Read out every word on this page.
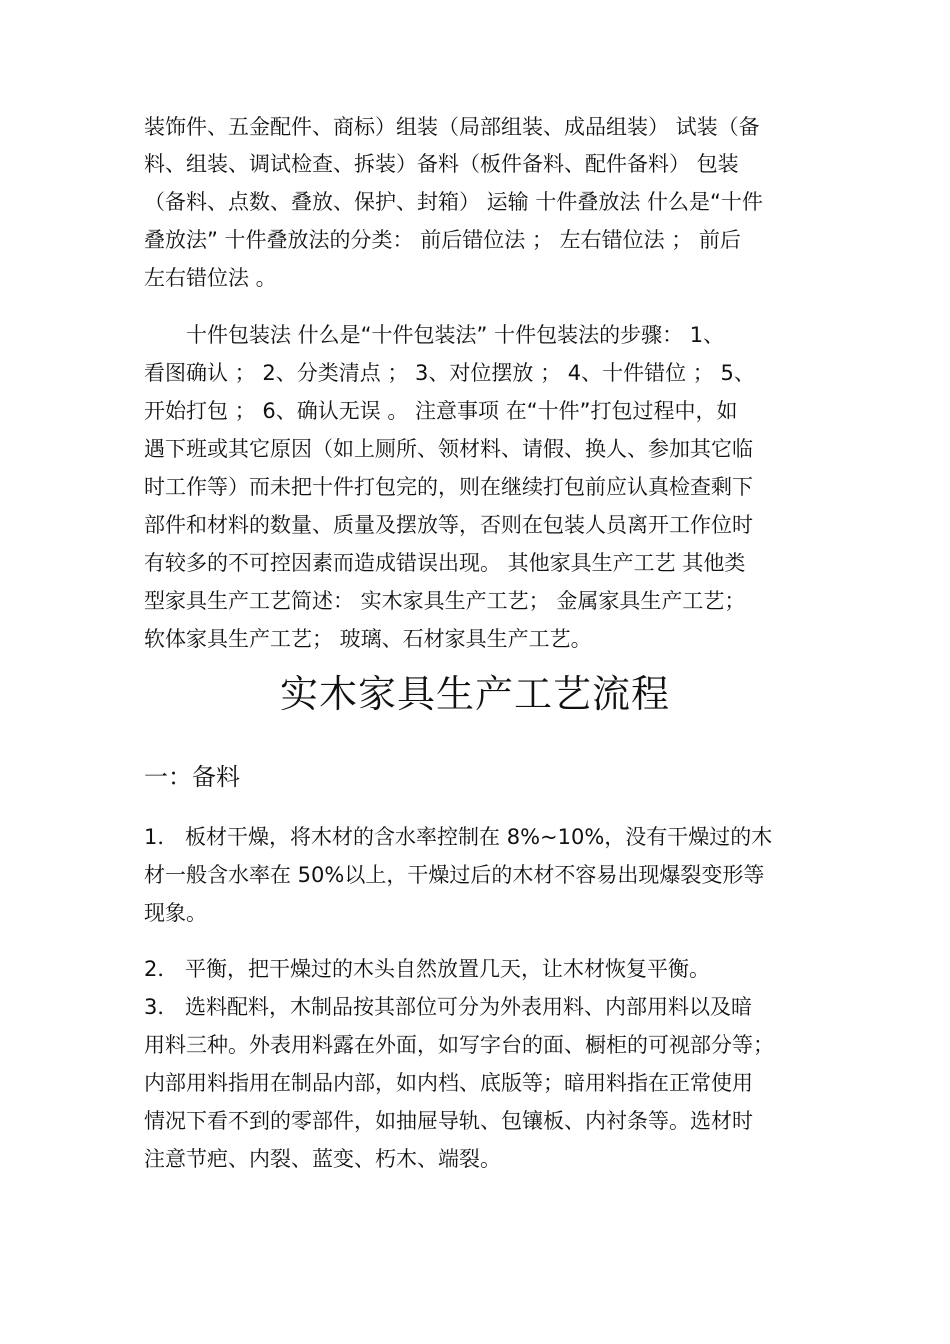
装饰件、五金配件、商标）组装（局部组装、成品组装） 试装（备
料、组装、调试检查、拆装）备料（板件备料、配件备料） 包装
（备料、点数、叠放、保护、封箱） 运输 十件叠放法 什么是“十件
叠放法” 十件叠放法的分类： 前后错位法 ； 左右错位法 ； 前后
左右错位法 。
十件包装法 什么是“十件包装法” 十件包装法的步骤： 1、
看图确认 ； 2、分类清点 ； 3、对位摆放 ； 4、十件错位 ； 5、
开始打包 ； 6、确认无误 。 注意事项 在“十件”打包过程中，如
遇下班或其它原因（如上厕所、领材料、请假、换人、参加其它临
时工作等）而未把十件打包完的，则在继续打包前应认真检查剩下
部件和材料的数量、质量及摆放等，否则在包装人员离开工作位时
有较多的不可控因素而造成错误出现。 其他家具生产工艺 其他类
型家具生产工艺简述： 实木家具生产工艺； 金属家具生产工艺；
软体家具生产工艺； 玻璃、石材家具生产工艺。
实木家具生产工艺流程
一：备料
1． 板材干燥，将木材的含水率控制在 8%~10%，没有干燥过的木
材一般含水率在 50%以上，干燥过后的木材不容易出现爆裂变形等
现象。
2． 平衡，把干燥过的木头自然放置几天，让木材恢复平衡。
3． 选料配料，木制品按其部位可分为外表用料、内部用料以及暗
用料三种。外表用料露在外面，如写字台的面、橱柜的可视部分等；
内部用料指用在制品内部，如内档、底版等；暗用料指在正常使用
情况下看不到的零部件，如抽屉导轨、包镶板、内衬条等。选材时
注意节疤、内裂、蓝变、朽木、端裂。
